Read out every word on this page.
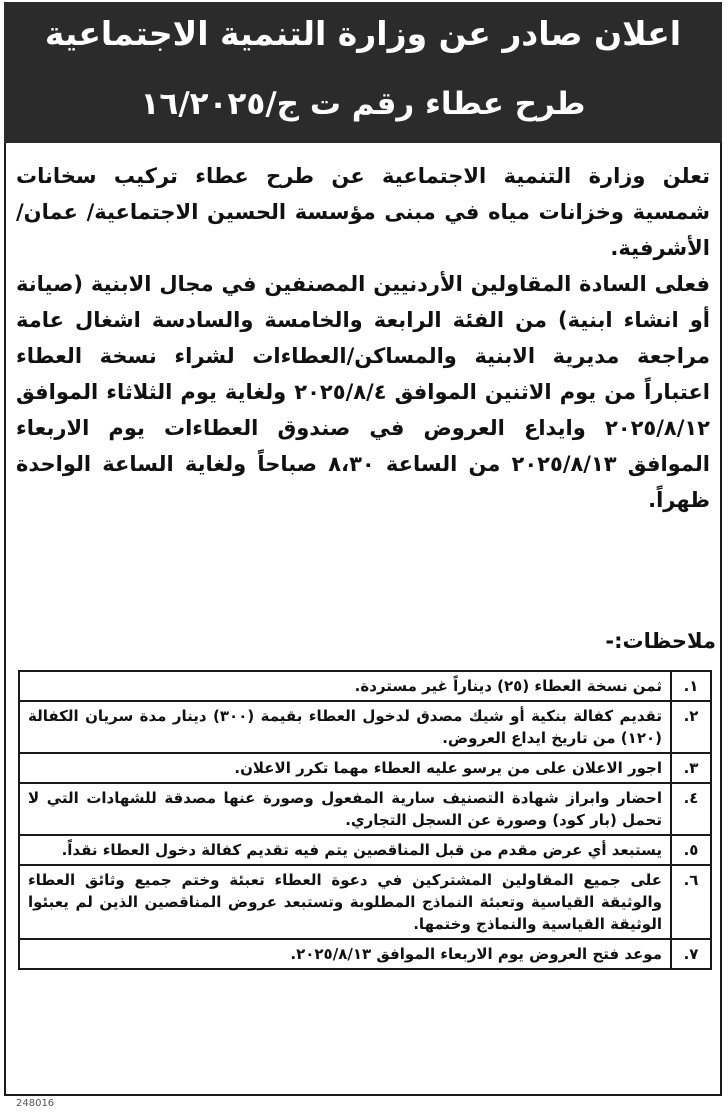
اعلان صادر عن وزارة التنمية الاجتماعية
طرح عطاء رقم ت ج/١٦/٢٠٢٥

تعلن وزارة التنمية الاجتماعية عن طرح عطاء تركيب سخانات شمسية وخزانات مياه في مبنى مؤسسة الحسين الاجتماعية/ عمان/الأشرفية.

فعلى السادة المقاولين الأردنيين المصنفين في مجال الابنية (صيانة أو انشاء ابنية) من الفئة الرابعة والخامسة والسادسة اشغال عامة مراجعة مديرية الابنية والمساكن/العطاءات لشراء نسخة العطاء اعتباراً من يوم الاثنين الموافق ٢٠٢٥/٨/٤ ولغاية يوم الثلاثاء الموافق ٢٠٢٥/٨/١٢ وايداع العروض في صندوق العطاءات يوم الاربعاء الموافق ٢٠٢٥/٨/١٣ من الساعة ٨،٣٠ صباحاً ولغاية الساعة الواحدة ظهراً.

ملاحظات:-
١.	ثمن نسخة العطاء (٢٥) ديناراً غير مستردة.
٢.	تقديم كفالة بنكية أو شيك مصدق لدخول العطاء بقيمة (٣٠٠) دينار مدة سريان الكفالة (١٢٠) من تاريخ ايداع العروض.
٣.	اجور الاعلان على من يرسو عليه العطاء مهما تكرر الاعلان.
٤.	احضار وابراز شهادة التصنيف سارية المفعول وصورة عنها مصدقة للشهادات التي لا تحمل (بار كود) وصورة عن السجل التجاري.
٥.	يستبعد أي عرض مقدم من قبل المناقصين يتم فيه تقديم كفالة دخول العطاء نقداً.
٦.	على جميع المقاولين المشتركين في دعوة العطاء تعبئة وختم جميع وثائق العطاء والوثيقة القياسية وتعبئة النماذج المطلوبة وتستبعد عروض المناقصين الذين لم يعبئوا الوثيقة القياسية والنماذج وختمها.
٧.	موعد فتح العروض يوم الاربعاء الموافق ٢٠٢٥/٨/١٣.
248016
